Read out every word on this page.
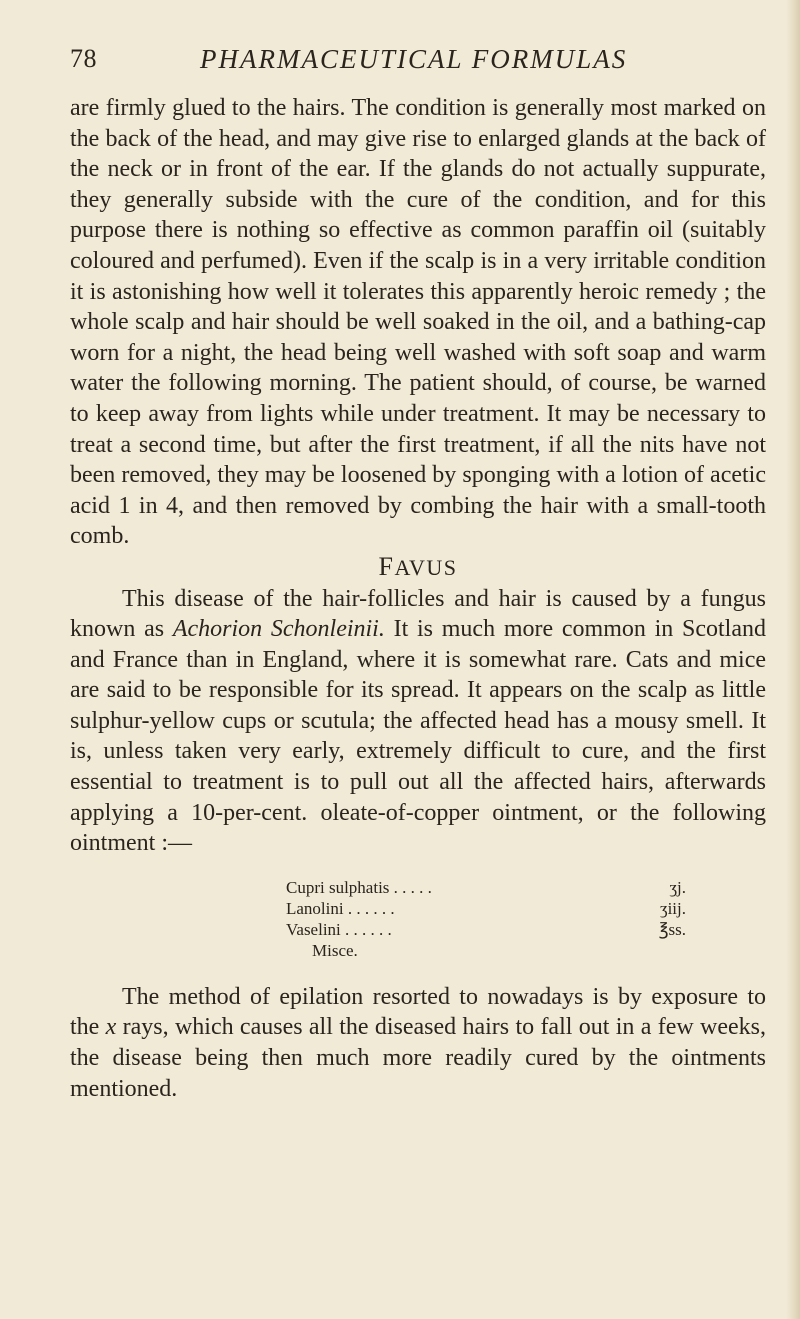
78	PHARMACEUTICAL FORMULAS

are firmly glued to the hairs. The condition is generally most marked on the back of the head, and may give rise to enlarged glands at the back of the neck or in front of the ear. If the glands do not actually suppurate, they generally subside with the cure of the condition, and for this purpose there is nothing so effective as common paraffin oil (suitably coloured and perfumed). Even if the scalp is in a very irritable condition it is astonishing how well it tolerates this apparently heroic remedy ; the whole scalp and hair should be well soaked in the oil, and a bathing-cap worn for a night, the head being well washed with soft soap and warm water the following morning. The patient should, of course, be warned to keep away from lights while under treatment. It may be necessary to treat a second time, but after the first treatment, if all the nits have not been removed, they may be loosened by sponging with a lotion of acetic acid 1 in 4, and then removed by combing the hair with a small-tooth comb.

FAVUS

This disease of the hair-follicles and hair is caused by a fungus known as Achorion Schonleinii. It is much more common in Scotland and France than in England, where it is somewhat rare. Cats and mice are said to be responsible for its spread. It appears on the scalp as little sulphur-yellow cups or scutula; the affected head has a mousy smell. It is, unless taken very early, extremely difficult to cure, and the first essential to treatment is to pull out all the affected hairs, afterwards applying a 10-per-cent. oleate-of-copper ointment, or the following ointment :—

Cupri sulphatis . . . . .	ʒj.
Lanolini . . . . . .	ʒiij.
Vaselini . . . . . .	℥ss.
Misce.

The method of epilation resorted to nowadays is by exposure to the x rays, which causes all the diseased hairs to fall out in a few weeks, the disease being then much more readily cured by the ointments mentioned.
